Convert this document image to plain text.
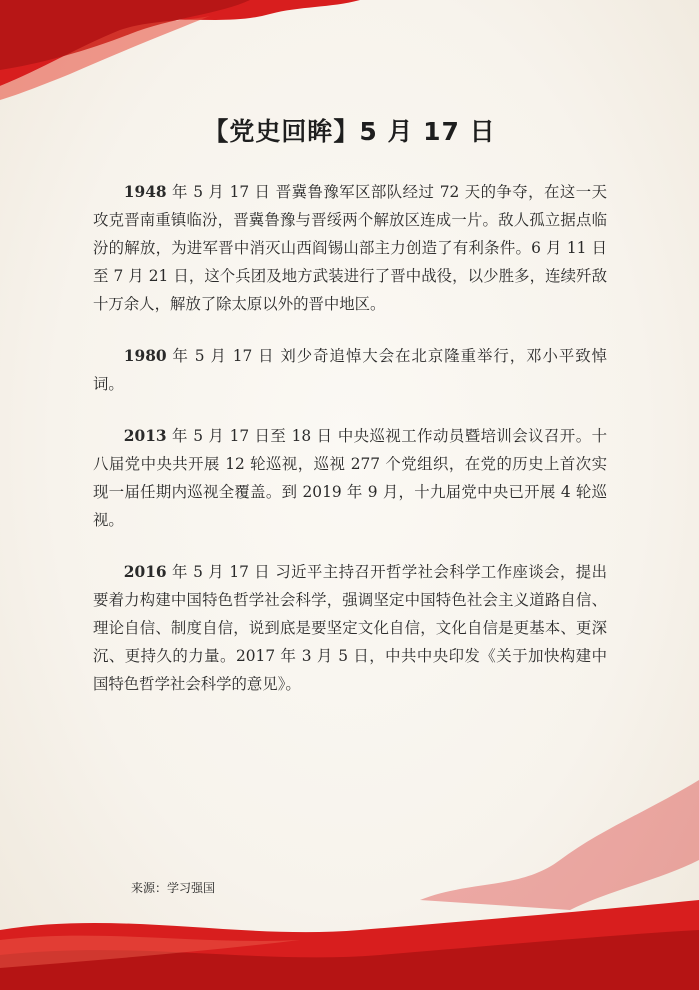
【党史回眸】5 月 17 日

1948 年 5 月 17 日 晋冀鲁豫军区部队经过 72 天的争夺，在这一天攻克晋南重镇临汾，晋冀鲁豫与晋绥两个解放区连成一片。敌人孤立据点临汾的解放，为进军晋中消灭山西阎锡山部主力创造了有利条件。6 月 11 日至 7 月 21 日，这个兵团及地方武装进行了晋中战役，以少胜多，连续歼敌十万余人，解放了除太原以外的晋中地区。

1980 年 5 月 17 日 刘少奇追悼大会在北京隆重举行，邓小平致悼词。

2013 年 5 月 17 日至 18 日 中央巡视工作动员暨培训会议召开。十八届党中央共开展 12 轮巡视，巡视 277 个党组织，在党的历史上首次实现一届任期内巡视全覆盖。到 2019 年 9 月，十九届党中央已开展 4 轮巡视。

2016 年 5 月 17 日 习近平主持召开哲学社会科学工作座谈会，提出要着力构建中国特色哲学社会科学，强调坚定中国特色社会主义道路自信、理论自信、制度自信，说到底是要坚定文化自信，文化自信是更基本、更深沉、更持久的力量。2017 年 3 月 5 日，中共中央印发《关于加快构建中国特色哲学社会科学的意见》。

来源：学习强国
